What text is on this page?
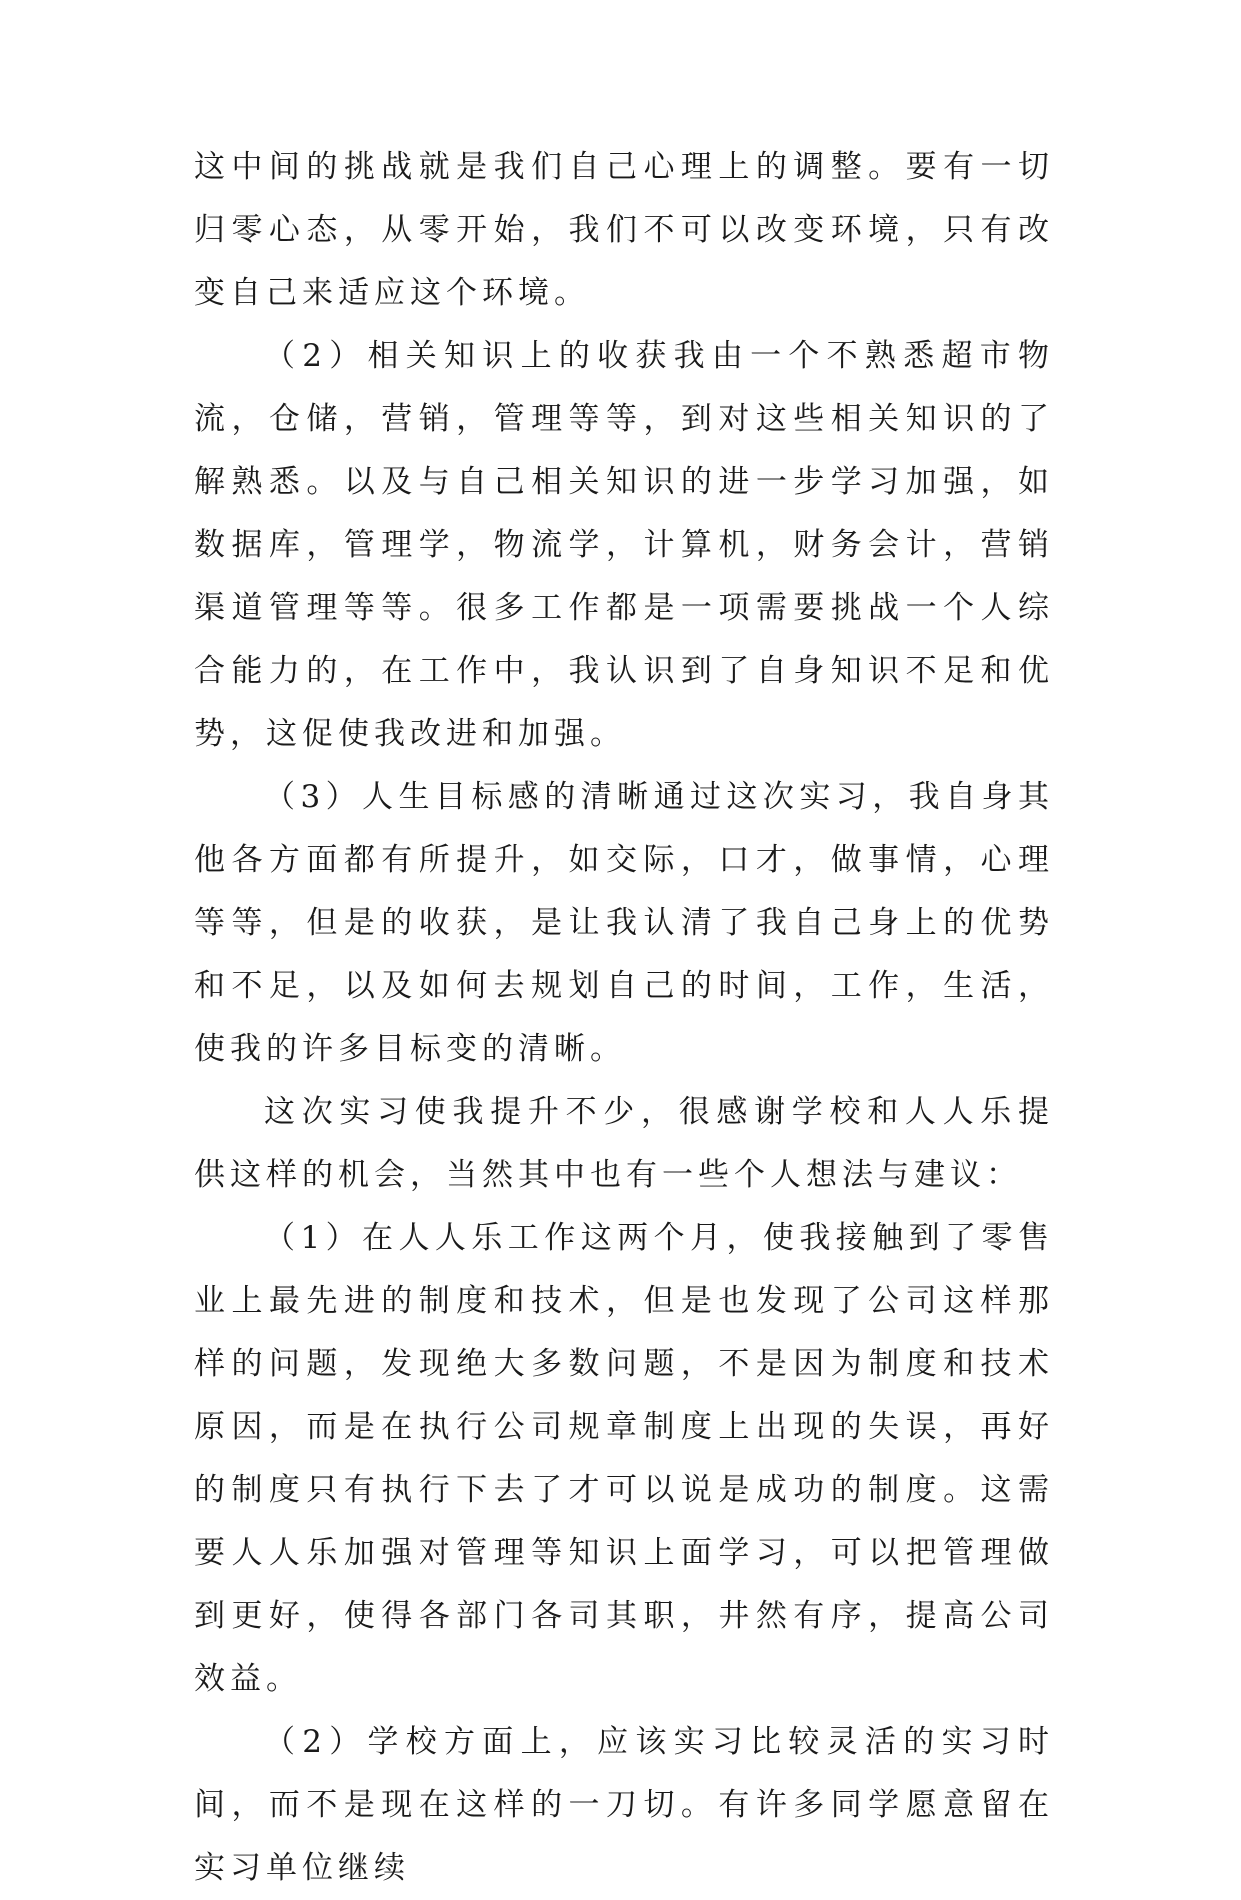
这中间的挑战就是我们自己心理上的调整。要有一切归零心态，从零开始，我们不可以改变环境，只有改变自己来适应这个环境。

（2）相关知识上的收获我由一个不熟悉超市物流，仓储，营销，管理等等，到对这些相关知识的了解熟悉。以及与自己相关知识的进一步学习加强，如数据库，管理学，物流学，计算机，财务会计，营销渠道管理等等。很多工作都是一项需要挑战一个人综合能力的，在工作中，我认识到了自身知识不足和优势，这促使我改进和加强。

（3）人生目标感的清晰通过这次实习，我自身其他各方面都有所提升，如交际，口才，做事情，心理等等，但是的收获，是让我认清了我自己身上的优势和不足，以及如何去规划自己的时间，工作，生活，使我的许多目标变的清晰。

这次实习使我提升不少，很感谢学校和人人乐提供这样的机会，当然其中也有一些个人想法与建议：

（1）在人人乐工作这两个月，使我接触到了零售业上最先进的制度和技术，但是也发现了公司这样那样的问题，发现绝大多数问题，不是因为制度和技术原因，而是在执行公司规章制度上出现的失误，再好的制度只有执行下去了才可以说是成功的制度。这需要人人乐加强对管理等知识上面学习，可以把管理做到更好，使得各部门各司其职，井然有序，提高公司效益。

（2）学校方面上，应该实习比较灵活的实习时间，而不是现在这样的一刀切。有许多同学愿意留在实习单位继续
